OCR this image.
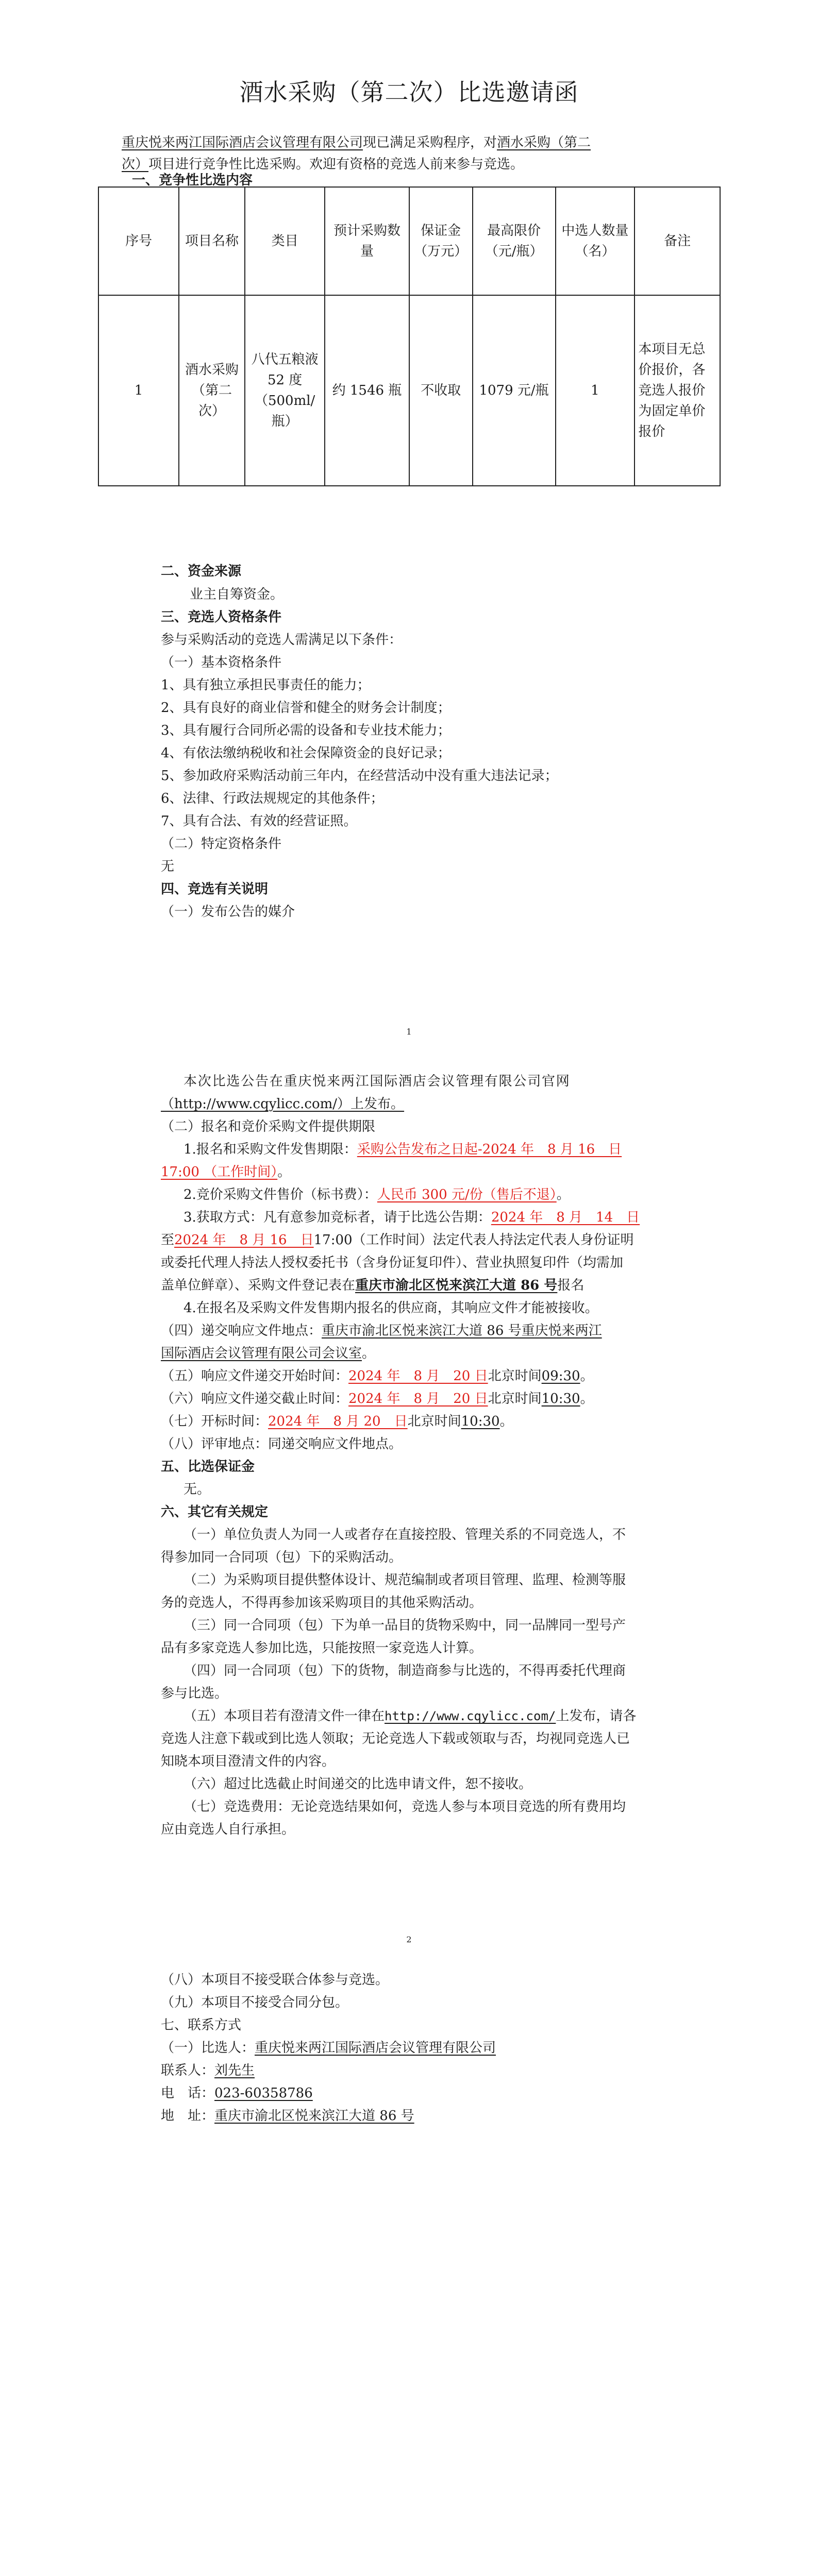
酒水采购（第二次）比选邀请函
重庆悦来两江国际酒店会议管理有限公司现已满足采购程序，对酒水采购（第二
次）项目进行竞争性比选采购。欢迎有资格的竞选人前来参与竞选。
一、竞争性比选内容
序号	项目名称	类目	预计采购数量	保证金（万元）	最高限价（元/瓶）	中选人数量（名）	备注
1	酒水采购（第二次）	八代五粮液 52 度（500ml/瓶）	约 1546 瓶	不收取	1079 元/瓶	1	本项目无总价报价，各竞选人报价为固定单价报价
二、资金来源
业主自筹资金。
三、竞选人资格条件
参与采购活动的竞选人需满足以下条件：
（一）基本资格条件
1、具有独立承担民事责任的能力；
2、具有良好的商业信誉和健全的财务会计制度；
3、具有履行合同所必需的设备和专业技术能力；
4、有依法缴纳税收和社会保障资金的良好记录；
5、参加政府采购活动前三年内，在经营活动中没有重大违法记录；
6、法律、行政法规规定的其他条件；
7、具有合法、有效的经营证照。
（二）特定资格条件
无
四、竞选有关说明
（一）发布公告的媒介
1
本次比选公告在重庆悦来两江国际酒店会议管理有限公司官网
（http://www.cqylicc.com/）上发布。
（二）报名和竞价采购文件提供期限
1.报名和采购文件发售期限：采购公告发布之日起-2024 年　8 月 16　日
17:00 （工作时间）。
2.竞价采购文件售价（标书费）：人民币 300 元/份（售后不退）。
3.获取方式：凡有意参加竞标者，请于比选公告期：2024 年　8 月　14　日
至2024 年　8 月 16　日17:00（工作时间）法定代表人持法定代表人身份证明
或委托代理人持法人授权委托书（含身份证复印件）、营业执照复印件（均需加
盖单位鲜章）、采购文件登记表在重庆市渝北区悦来滨江大道 86 号报名
4.在报名及采购文件发售期内报名的供应商，其响应文件才能被接收。
（四）递交响应文件地点：重庆市渝北区悦来滨江大道 86 号重庆悦来两江
国际酒店会议管理有限公司会议室。
（五）响应文件递交开始时间：2024 年　8 月　20 日北京时间09:30。
（六）响应文件递交截止时间：2024 年　8 月　20 日北京时间10:30。
（七）开标时间：2024 年　8 月 20　日北京时间10:30。
（八）评审地点：同递交响应文件地点。
五、比选保证金
无。
六、其它有关规定
（一）单位负责人为同一人或者存在直接控股、管理关系的不同竞选人，不
得参加同一合同项（包）下的采购活动。
（二）为采购项目提供整体设计、规范编制或者项目管理、监理、检测等服
务的竞选人，不得再参加该采购项目的其他采购活动。
（三）同一合同项（包）下为单一品目的货物采购中，同一品牌同一型号产
品有多家竞选人参加比选，只能按照一家竞选人计算。
（四）同一合同项（包）下的货物，制造商参与比选的，不得再委托代理商
参与比选。
（五）本项目若有澄清文件一律在http://www.cqylicc.com/上发布，请各
竞选人注意下载或到比选人领取；无论竞选人下载或领取与否，均视同竞选人已
知晓本项目澄清文件的内容。
（六）超过比选截止时间递交的比选申请文件，恕不接收。
（七）竞选费用：无论竞选结果如何，竞选人参与本项目竞选的所有费用均
应由竞选人自行承担。
2
（八）本项目不接受联合体参与竞选。
（九）本项目不接受合同分包。
七、联系方式
（一）比选人：重庆悦来两江国际酒店会议管理有限公司
联系人：刘先生
电　话：023-60358786
地　址：重庆市渝北区悦来滨江大道 86 号
